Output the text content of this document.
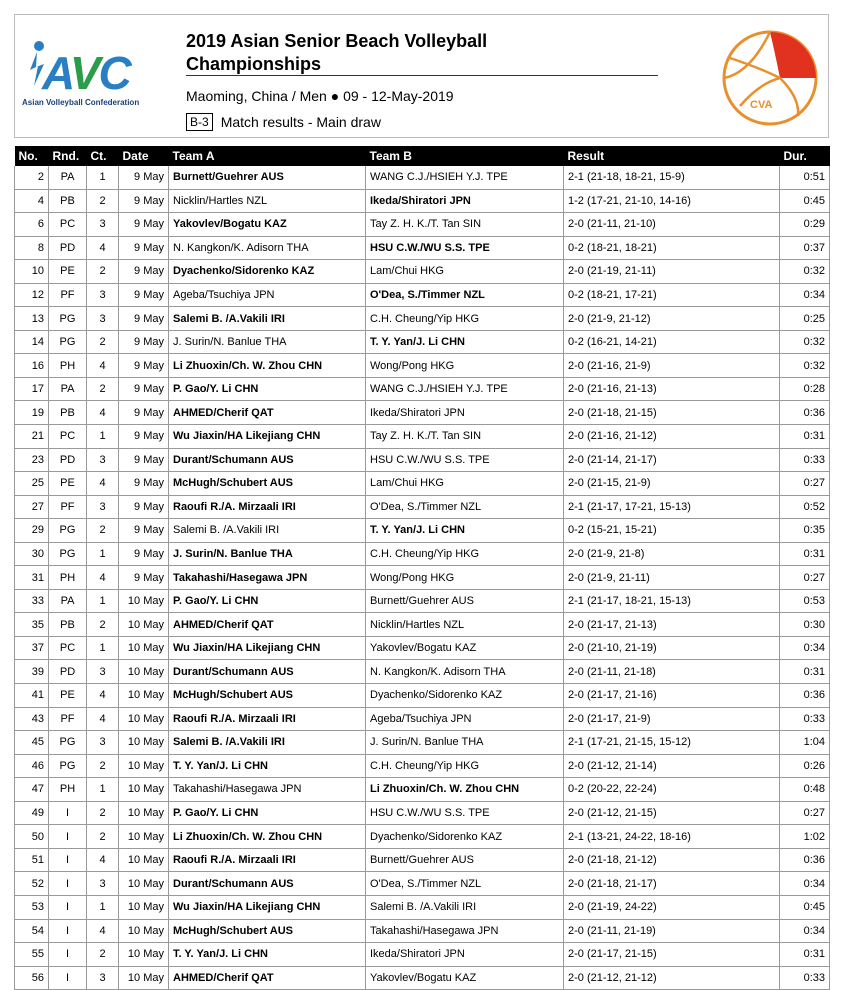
AVC
Asian Volleyball Confederation
2019 Asian Senior Beach Volleyball
Championships
Maoming, China / Men ● 09 - 12-May-2019
B-3 Match results - Main draw
CVA
No.	Rnd.	Ct.	Date	Team A	Team B	Result	Dur.
2	PA	1	9 May	Burnett/Guehrer AUS	WANG C.J./HSIEH Y.J. TPE	2-1 (21-18, 18-21, 15-9)	0:51
4	PB	2	9 May	Nicklin/Hartles NZL	Ikeda/Shiratori JPN	1-2 (17-21, 21-10, 14-16)	0:45
6	PC	3	9 May	Yakovlev/Bogatu KAZ	Tay Z. H. K./T. Tan SIN	2-0 (21-11, 21-10)	0:29
8	PD	4	9 May	N. Kangkon/K. Adisorn THA	HSU C.W./WU S.S. TPE	0-2 (18-21, 18-21)	0:37
10	PE	2	9 May	Dyachenko/Sidorenko KAZ	Lam/Chui HKG	2-0 (21-19, 21-11)	0:32
12	PF	3	9 May	Ageba/Tsuchiya JPN	O'Dea, S./Timmer NZL	0-2 (18-21, 17-21)	0:34
13	PG	3	9 May	Salemi B. /A.Vakili IRI	C.H. Cheung/Yip HKG	2-0 (21-9, 21-12)	0:25
14	PG	2	9 May	J. Surin/N. Banlue THA	T. Y. Yan/J. Li CHN	0-2 (16-21, 14-21)	0:32
16	PH	4	9 May	Li Zhuoxin/Ch. W. Zhou CHN	Wong/Pong HKG	2-0 (21-16, 21-9)	0:32
17	PA	2	9 May	P. Gao/Y. Li CHN	WANG C.J./HSIEH Y.J. TPE	2-0 (21-16, 21-13)	0:28
19	PB	4	9 May	AHMED/Cherif QAT	Ikeda/Shiratori JPN	2-0 (21-18, 21-15)	0:36
21	PC	1	9 May	Wu Jiaxin/HA Likejiang CHN	Tay Z. H. K./T. Tan SIN	2-0 (21-16, 21-12)	0:31
23	PD	3	9 May	Durant/Schumann AUS	HSU C.W./WU S.S. TPE	2-0 (21-14, 21-17)	0:33
25	PE	4	9 May	McHugh/Schubert AUS	Lam/Chui HKG	2-0 (21-15, 21-9)	0:27
27	PF	3	9 May	Raoufi R./A. Mirzaali IRI	O'Dea, S./Timmer NZL	2-1 (21-17, 17-21, 15-13)	0:52
29	PG	2	9 May	Salemi B. /A.Vakili IRI	T. Y. Yan/J. Li CHN	0-2 (15-21, 15-21)	0:35
30	PG	1	9 May	J. Surin/N. Banlue THA	C.H. Cheung/Yip HKG	2-0 (21-9, 21-8)	0:31
31	PH	4	9 May	Takahashi/Hasegawa JPN	Wong/Pong HKG	2-0 (21-9, 21-11)	0:27
33	PA	1	10 May	P. Gao/Y. Li CHN	Burnett/Guehrer AUS	2-1 (21-17, 18-21, 15-13)	0:53
35	PB	2	10 May	AHMED/Cherif QAT	Nicklin/Hartles NZL	2-0 (21-17, 21-13)	0:30
37	PC	1	10 May	Wu Jiaxin/HA Likejiang CHN	Yakovlev/Bogatu KAZ	2-0 (21-10, 21-19)	0:34
39	PD	3	10 May	Durant/Schumann AUS	N. Kangkon/K. Adisorn THA	2-0 (21-11, 21-18)	0:31
41	PE	4	10 May	McHugh/Schubert AUS	Dyachenko/Sidorenko KAZ	2-0 (21-17, 21-16)	0:36
43	PF	4	10 May	Raoufi R./A. Mirzaali IRI	Ageba/Tsuchiya JPN	2-0 (21-17, 21-9)	0:33
45	PG	3	10 May	Salemi B. /A.Vakili IRI	J. Surin/N. Banlue THA	2-1 (17-21, 21-15, 15-12)	1:04
46	PG	2	10 May	T. Y. Yan/J. Li CHN	C.H. Cheung/Yip HKG	2-0 (21-12, 21-14)	0:26
47	PH	1	10 May	Takahashi/Hasegawa JPN	Li Zhuoxin/Ch. W. Zhou CHN	0-2 (20-22, 22-24)	0:48
49	I	2	10 May	P. Gao/Y. Li CHN	HSU C.W./WU S.S. TPE	2-0 (21-12, 21-15)	0:27
50	I	2	10 May	Li Zhuoxin/Ch. W. Zhou CHN	Dyachenko/Sidorenko KAZ	2-1 (13-21, 24-22, 18-16)	1:02
51	I	4	10 May	Raoufi R./A. Mirzaali IRI	Burnett/Guehrer AUS	2-0 (21-18, 21-12)	0:36
52	I	3	10 May	Durant/Schumann AUS	O'Dea, S./Timmer NZL	2-0 (21-18, 21-17)	0:34
53	I	1	10 May	Wu Jiaxin/HA Likejiang CHN	Salemi B. /A.Vakili IRI	2-0 (21-19, 24-22)	0:45
54	I	4	10 May	McHugh/Schubert AUS	Takahashi/Hasegawa JPN	2-0 (21-11, 21-19)	0:34
55	I	2	10 May	T. Y. Yan/J. Li CHN	Ikeda/Shiratori JPN	2-0 (21-17, 21-15)	0:31
56	I	3	10 May	AHMED/Cherif QAT	Yakovlev/Bogatu KAZ	2-0 (21-12, 21-12)	0:33
